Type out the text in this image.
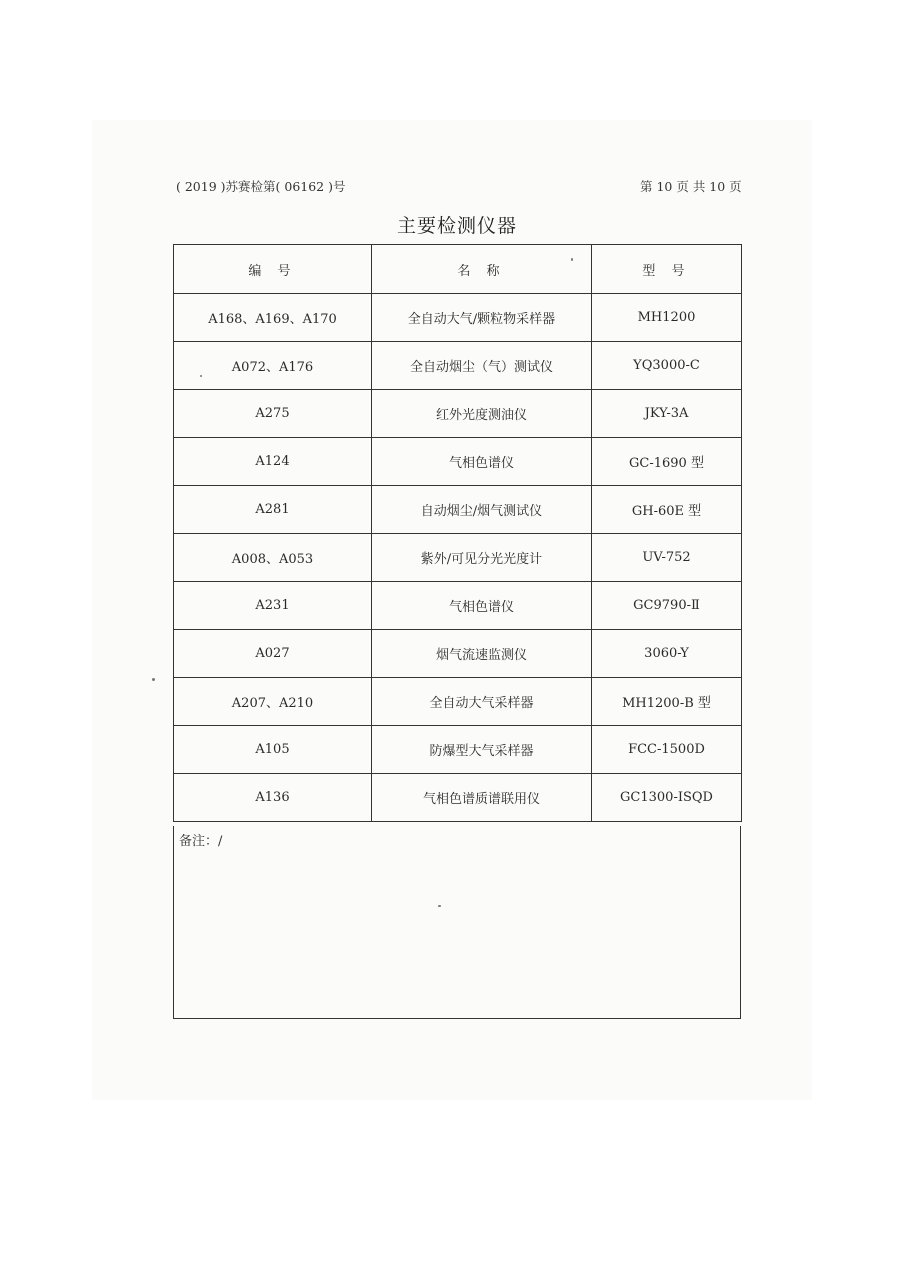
( 2019 )苏赛检第( 06162 )号	第 10 页 共 10 页
主要检测仪器
编 号	名 称	型 号
A168、A169、A170	全自动大气/颗粒物采样器	MH1200
A072、A176	全自动烟尘（气）测试仪	YQ3000-C
A275	红外光度测油仪	JKY-3A
A124	气相色谱仪	GC-1690 型
A281	自动烟尘/烟气测试仪	GH-60E 型
A008、A053	紫外/可见分光光度计	UV-752
A231	气相色谱仪	GC9790-Ⅱ
A027	烟气流速监测仪	3060-Y
A207、A210	全自动大气采样器	MH1200-B 型
A105	防爆型大气采样器	FCC-1500D
A136	气相色谱质谱联用仪	GC1300-ISQD
备注：/
